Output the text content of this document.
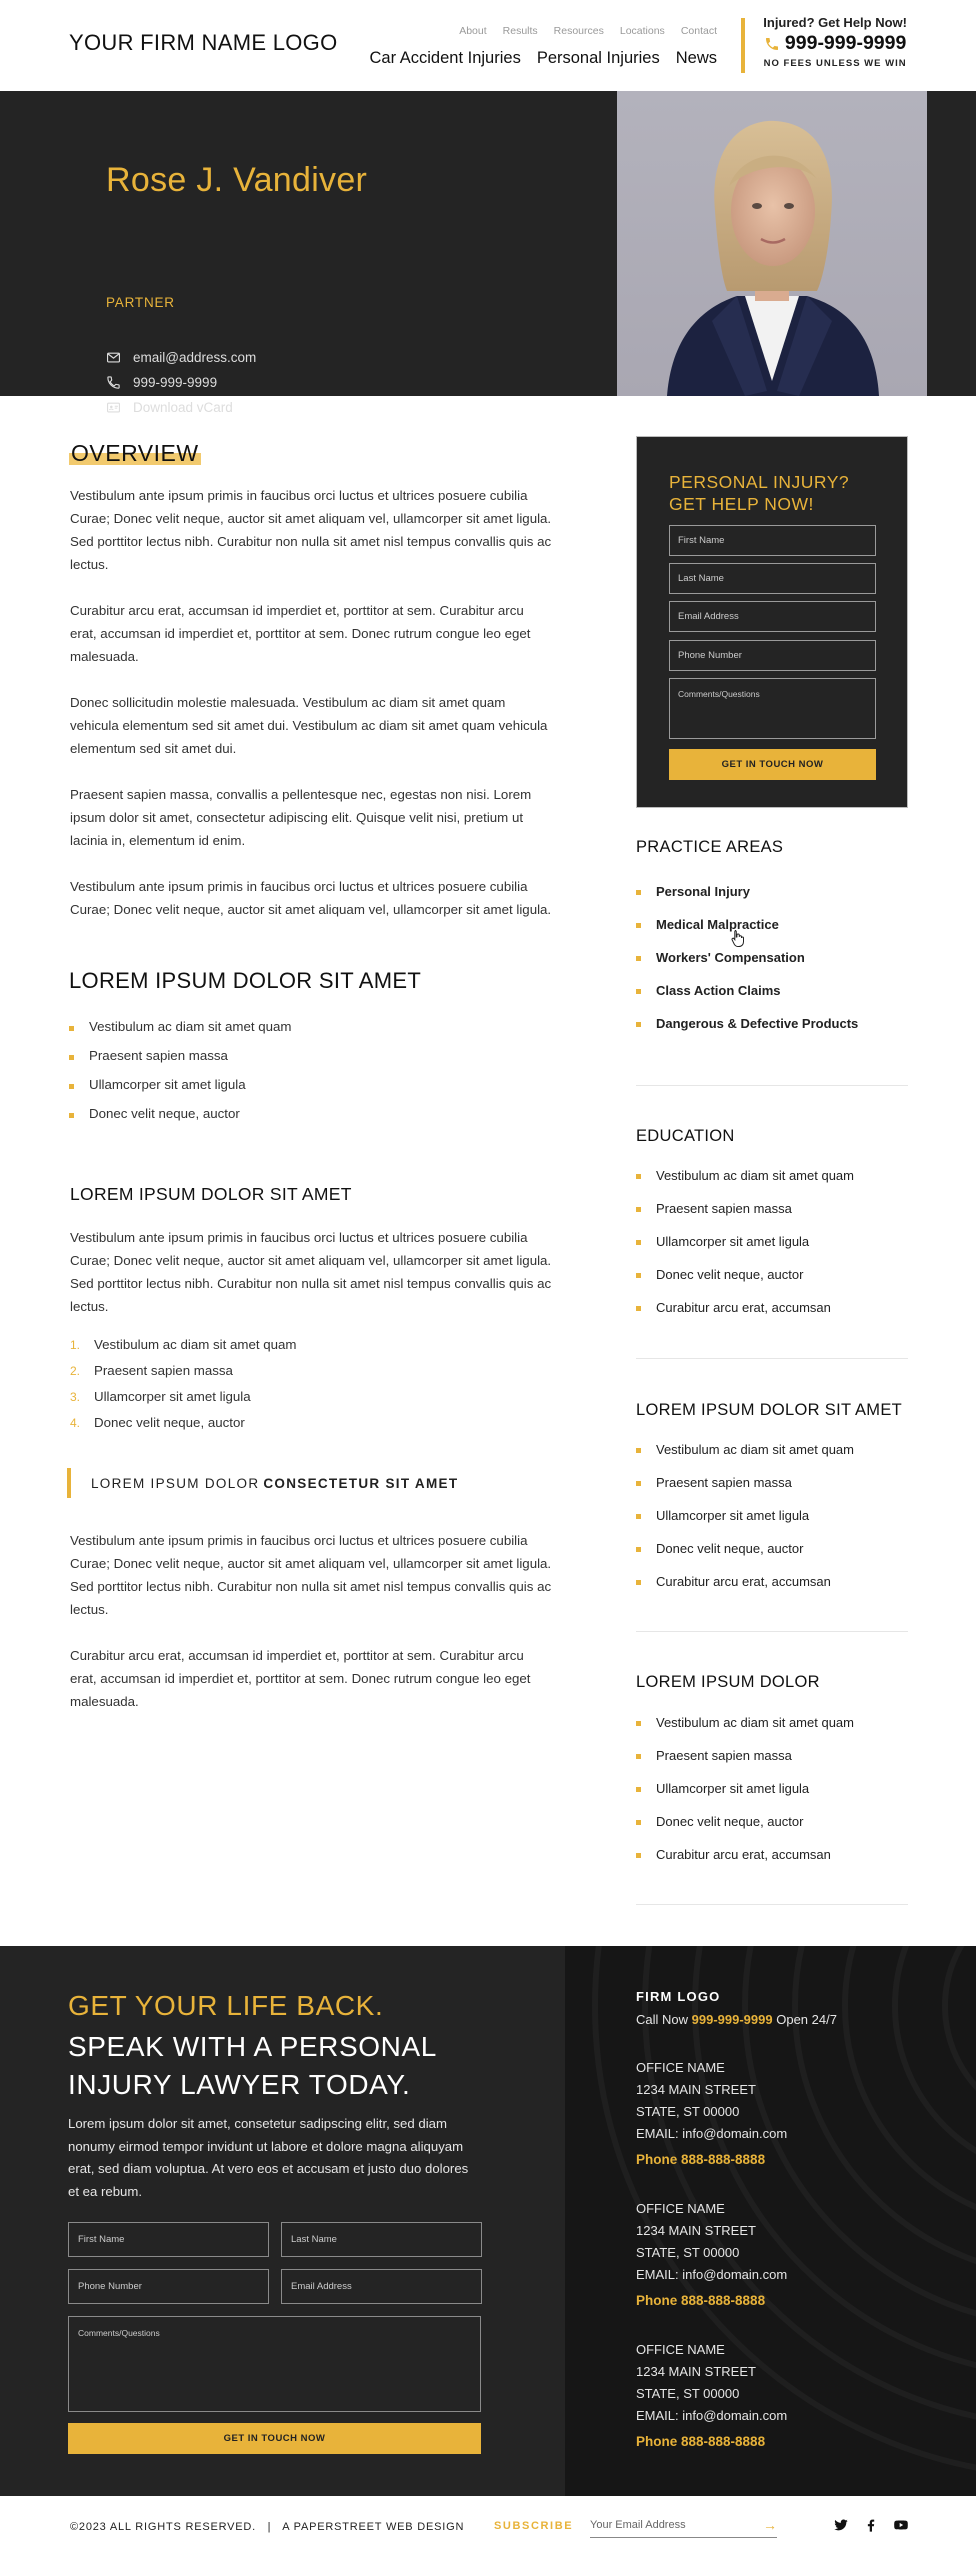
YOUR FIRM NAME LOGO	About Results Resources Locations Contact
Car Accident Injuries Personal Injuries News
Injured? Get Help Now!
999-999-9999
NO FEES UNLESS WE WIN
Rose J. Vandiver
PARTNER
email@address.com
999-999-9999
Download vCard
OVERVIEW

Vestibulum ante ipsum primis in faucibus orci luctus et ultrices posuere cubilia Curae; Donec velit neque, auctor sit amet aliquam vel, ullamcorper sit amet ligula. Sed porttitor lectus nibh. Curabitur non nulla sit amet nisl tempus convallis quis ac lectus.

Curabitur arcu erat, accumsan id imperdiet et, porttitor at sem. Curabitur arcu erat, accumsan id imperdiet et, porttitor at sem. Donec rutrum congue leo eget malesuada.

Donec sollicitudin molestie malesuada. Vestibulum ac diam sit amet quam vehicula elementum sed sit amet dui. Vestibulum ac diam sit amet quam vehicula elementum sed sit amet dui.

Praesent sapien massa, convallis a pellentesque nec, egestas non nisi. Lorem ipsum dolor sit amet, consectetur adipiscing elit. Quisque velit nisi, pretium ut lacinia in, elementum id enim.

Vestibulum ante ipsum primis in faucibus orci luctus et ultrices posuere cubilia Curae; Donec velit neque, auctor sit amet aliquam vel, ullamcorper sit amet ligula.

LOREM IPSUM DOLOR SIT AMET
Vestibulum ac diam sit amet quam
Praesent sapien massa
Ullamcorper sit amet ligula
Donec velit neque, auctor
LOREM IPSUM DOLOR SIT AMET

Vestibulum ante ipsum primis in faucibus orci luctus et ultrices posuere cubilia Curae; Donec velit neque, auctor sit amet aliquam vel, ullamcorper sit amet ligula. Sed porttitor lectus nibh. Curabitur non nulla sit amet nisl tempus convallis quis ac lectus.

1. Vestibulum ac diam sit amet quam
2. Praesent sapien massa
3. Ullamcorper sit amet ligula
4. Donec velit neque, auctor
LOREM IPSUM DOLOR CONSECTETUR SIT AMET

Vestibulum ante ipsum primis in faucibus orci luctus et ultrices posuere cubilia Curae; Donec velit neque, auctor sit amet aliquam vel, ullamcorper sit amet ligula. Sed porttitor lectus nibh. Curabitur non nulla sit amet nisl tempus convallis quis ac lectus.

Curabitur arcu erat, accumsan id imperdiet et, porttitor at sem. Curabitur arcu erat, accumsan id imperdiet et, porttitor at sem. Donec rutrum congue leo eget malesuada.

PERSONAL INJURY?
GET HELP NOW!
First Name
Last Name
Email Address
Phone Number
Comments/Questions
GET IN TOUCH NOW
PRACTICE AREAS
Personal Injury
Medical Malpractice
Workers' Compensation
Class Action Claims
Dangerous & Defective Products
EDUCATION
Vestibulum ac diam sit amet quam
Praesent sapien massa
Ullamcorper sit amet ligula
Donec velit neque, auctor
Curabitur arcu erat, accumsan
LOREM IPSUM DOLOR SIT AMET
Vestibulum ac diam sit amet quam
Praesent sapien massa
Ullamcorper sit amet ligula
Donec velit neque, auctor
Curabitur arcu erat, accumsan
LOREM IPSUM DOLOR
Vestibulum ac diam sit amet quam
Praesent sapien massa
Ullamcorper sit amet ligula
Donec velit neque, auctor
Curabitur arcu erat, accumsan
GET YOUR LIFE BACK.
SPEAK WITH A PERSONAL INJURY LAWYER TODAY.

Lorem ipsum dolor sit amet, consetetur sadipscing elitr, sed diam nonumy eirmod tempor invidunt ut labore et dolore magna aliquyam erat, sed diam voluptua. At vero eos et accusam et justo duo dolores et ea rebum.

First Name	Last Name
Phone Number	Email Address
Comments/Questions
GET IN TOUCH NOW
FIRM LOGO
Call Now 999-999-9999 Open 24/7
OFFICE NAME
1234 MAIN STREET
STATE, ST 00000
EMAIL: info@domain.com
Phone 888-888-8888
OFFICE NAME
1234 MAIN STREET
STATE, ST 00000
EMAIL: info@domain.com
Phone 888-888-8888
OFFICE NAME
1234 MAIN STREET
STATE, ST 00000
EMAIL: info@domain.com
Phone 888-888-8888
©2023 ALL RIGHTS RESERVED. | A PAPERSTREET WEB DESIGN	SUBSCRIBE Your Email Address	→
